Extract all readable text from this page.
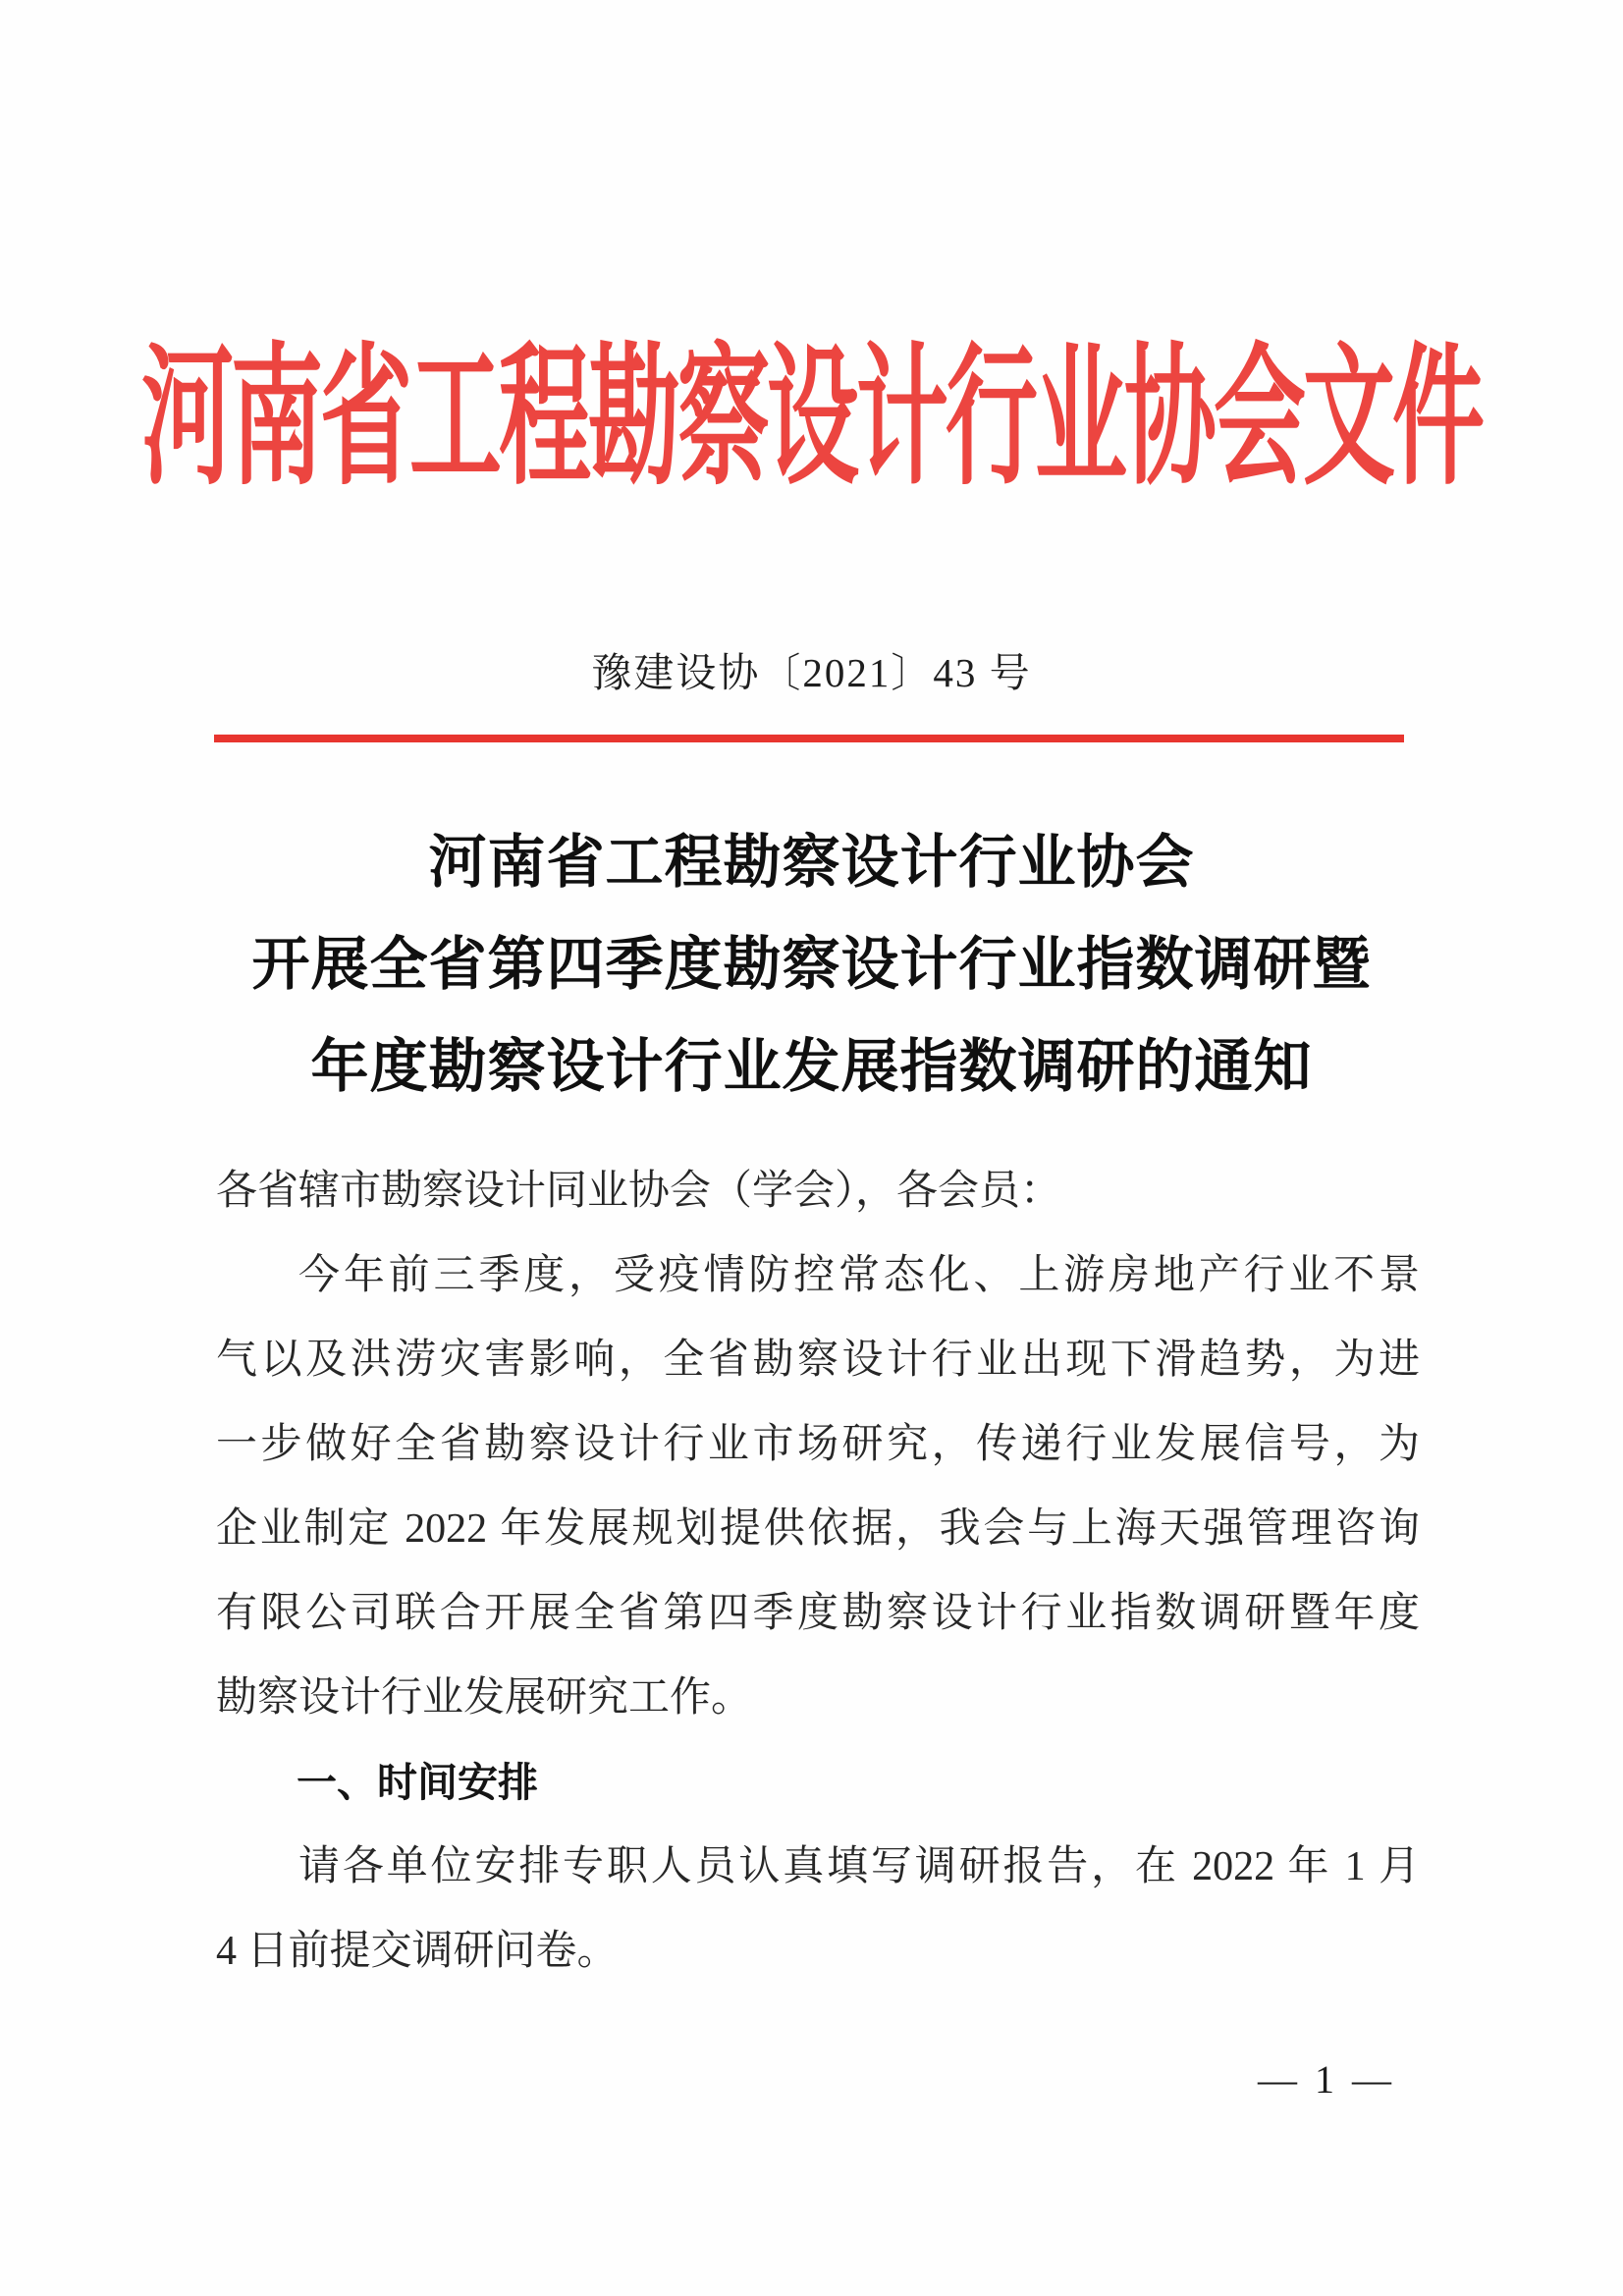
河南省工程勘察设计行业协会文件
豫建设协〔2021〕43 号
河南省工程勘察设计行业协会
开展全省第四季度勘察设计行业指数调研暨
年度勘察设计行业发展指数调研的通知
各省辖市勘察设计同业协会（学会），各会员：
今年前三季度，受疫情防控常态化、上游房地产行业不景
气以及洪涝灾害影响，全省勘察设计行业出现下滑趋势，为进
一步做好全省勘察设计行业市场研究，传递行业发展信号，为
企业制定 2022 年发展规划提供依据，我会与上海天强管理咨询
有限公司联合开展全省第四季度勘察设计行业指数调研暨年度
勘察设计行业发展研究工作。
一、时间安排
请各单位安排专职人员认真填写调研报告，在 2022 年 1 月
4 日前提交调研问卷。
— 1 —
